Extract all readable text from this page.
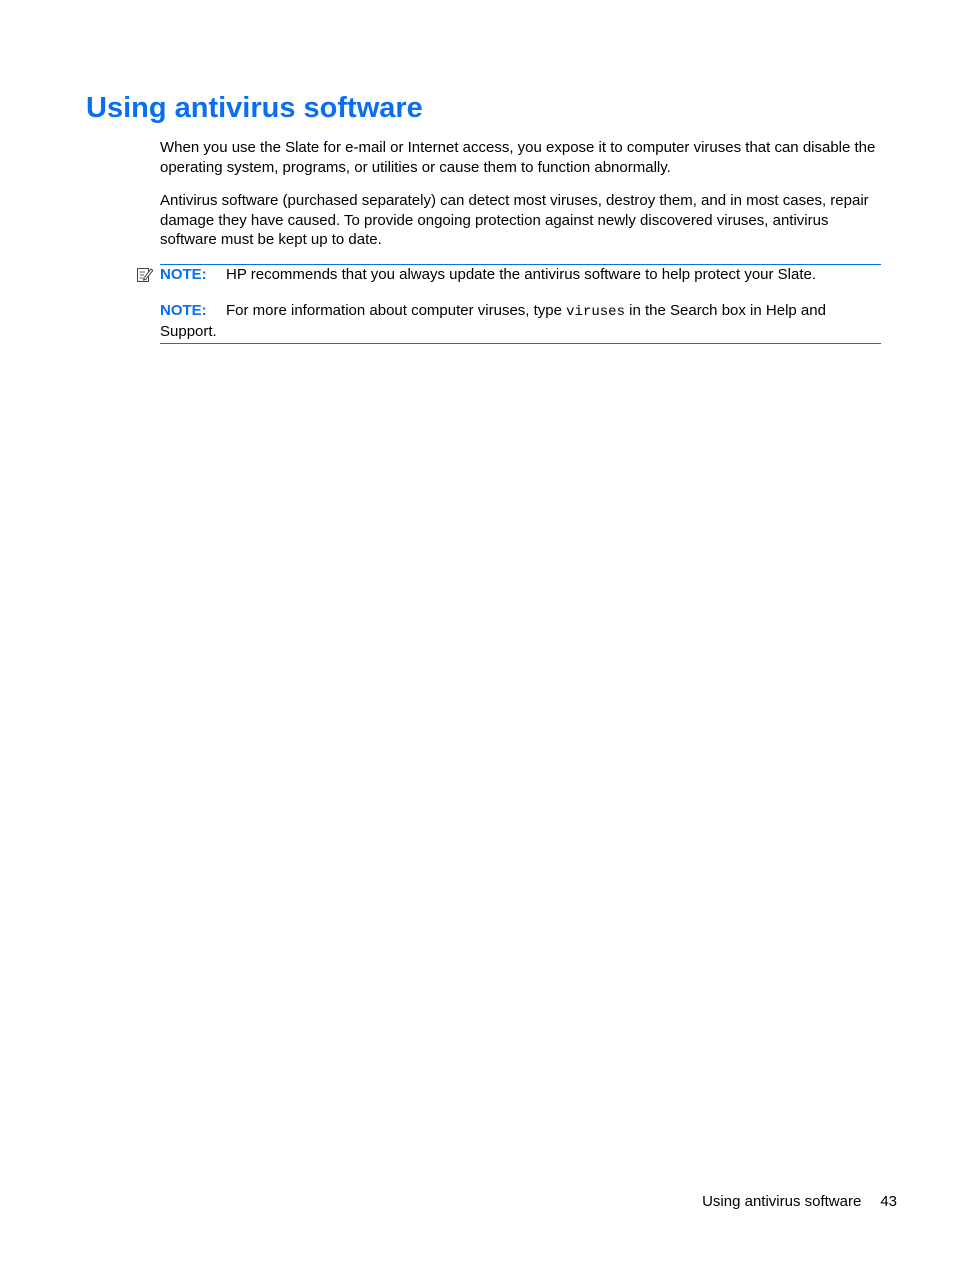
Using antivirus software

When you use the Slate for e-mail or Internet access, you expose it to computer viruses that can disable the operating system, programs, or utilities or cause them to function abnormally.

Antivirus software (purchased separately) can detect most viruses, destroy them, and in most cases, repair damage they have caused. To provide ongoing protection against newly discovered viruses, antivirus software must be kept up to date.

NOTE: HP recommends that you always update the antivirus software to help protect your Slate.

NOTE: For more information about computer viruses, type viruses in the Search box in Help and Support.

Using antivirus software 43
